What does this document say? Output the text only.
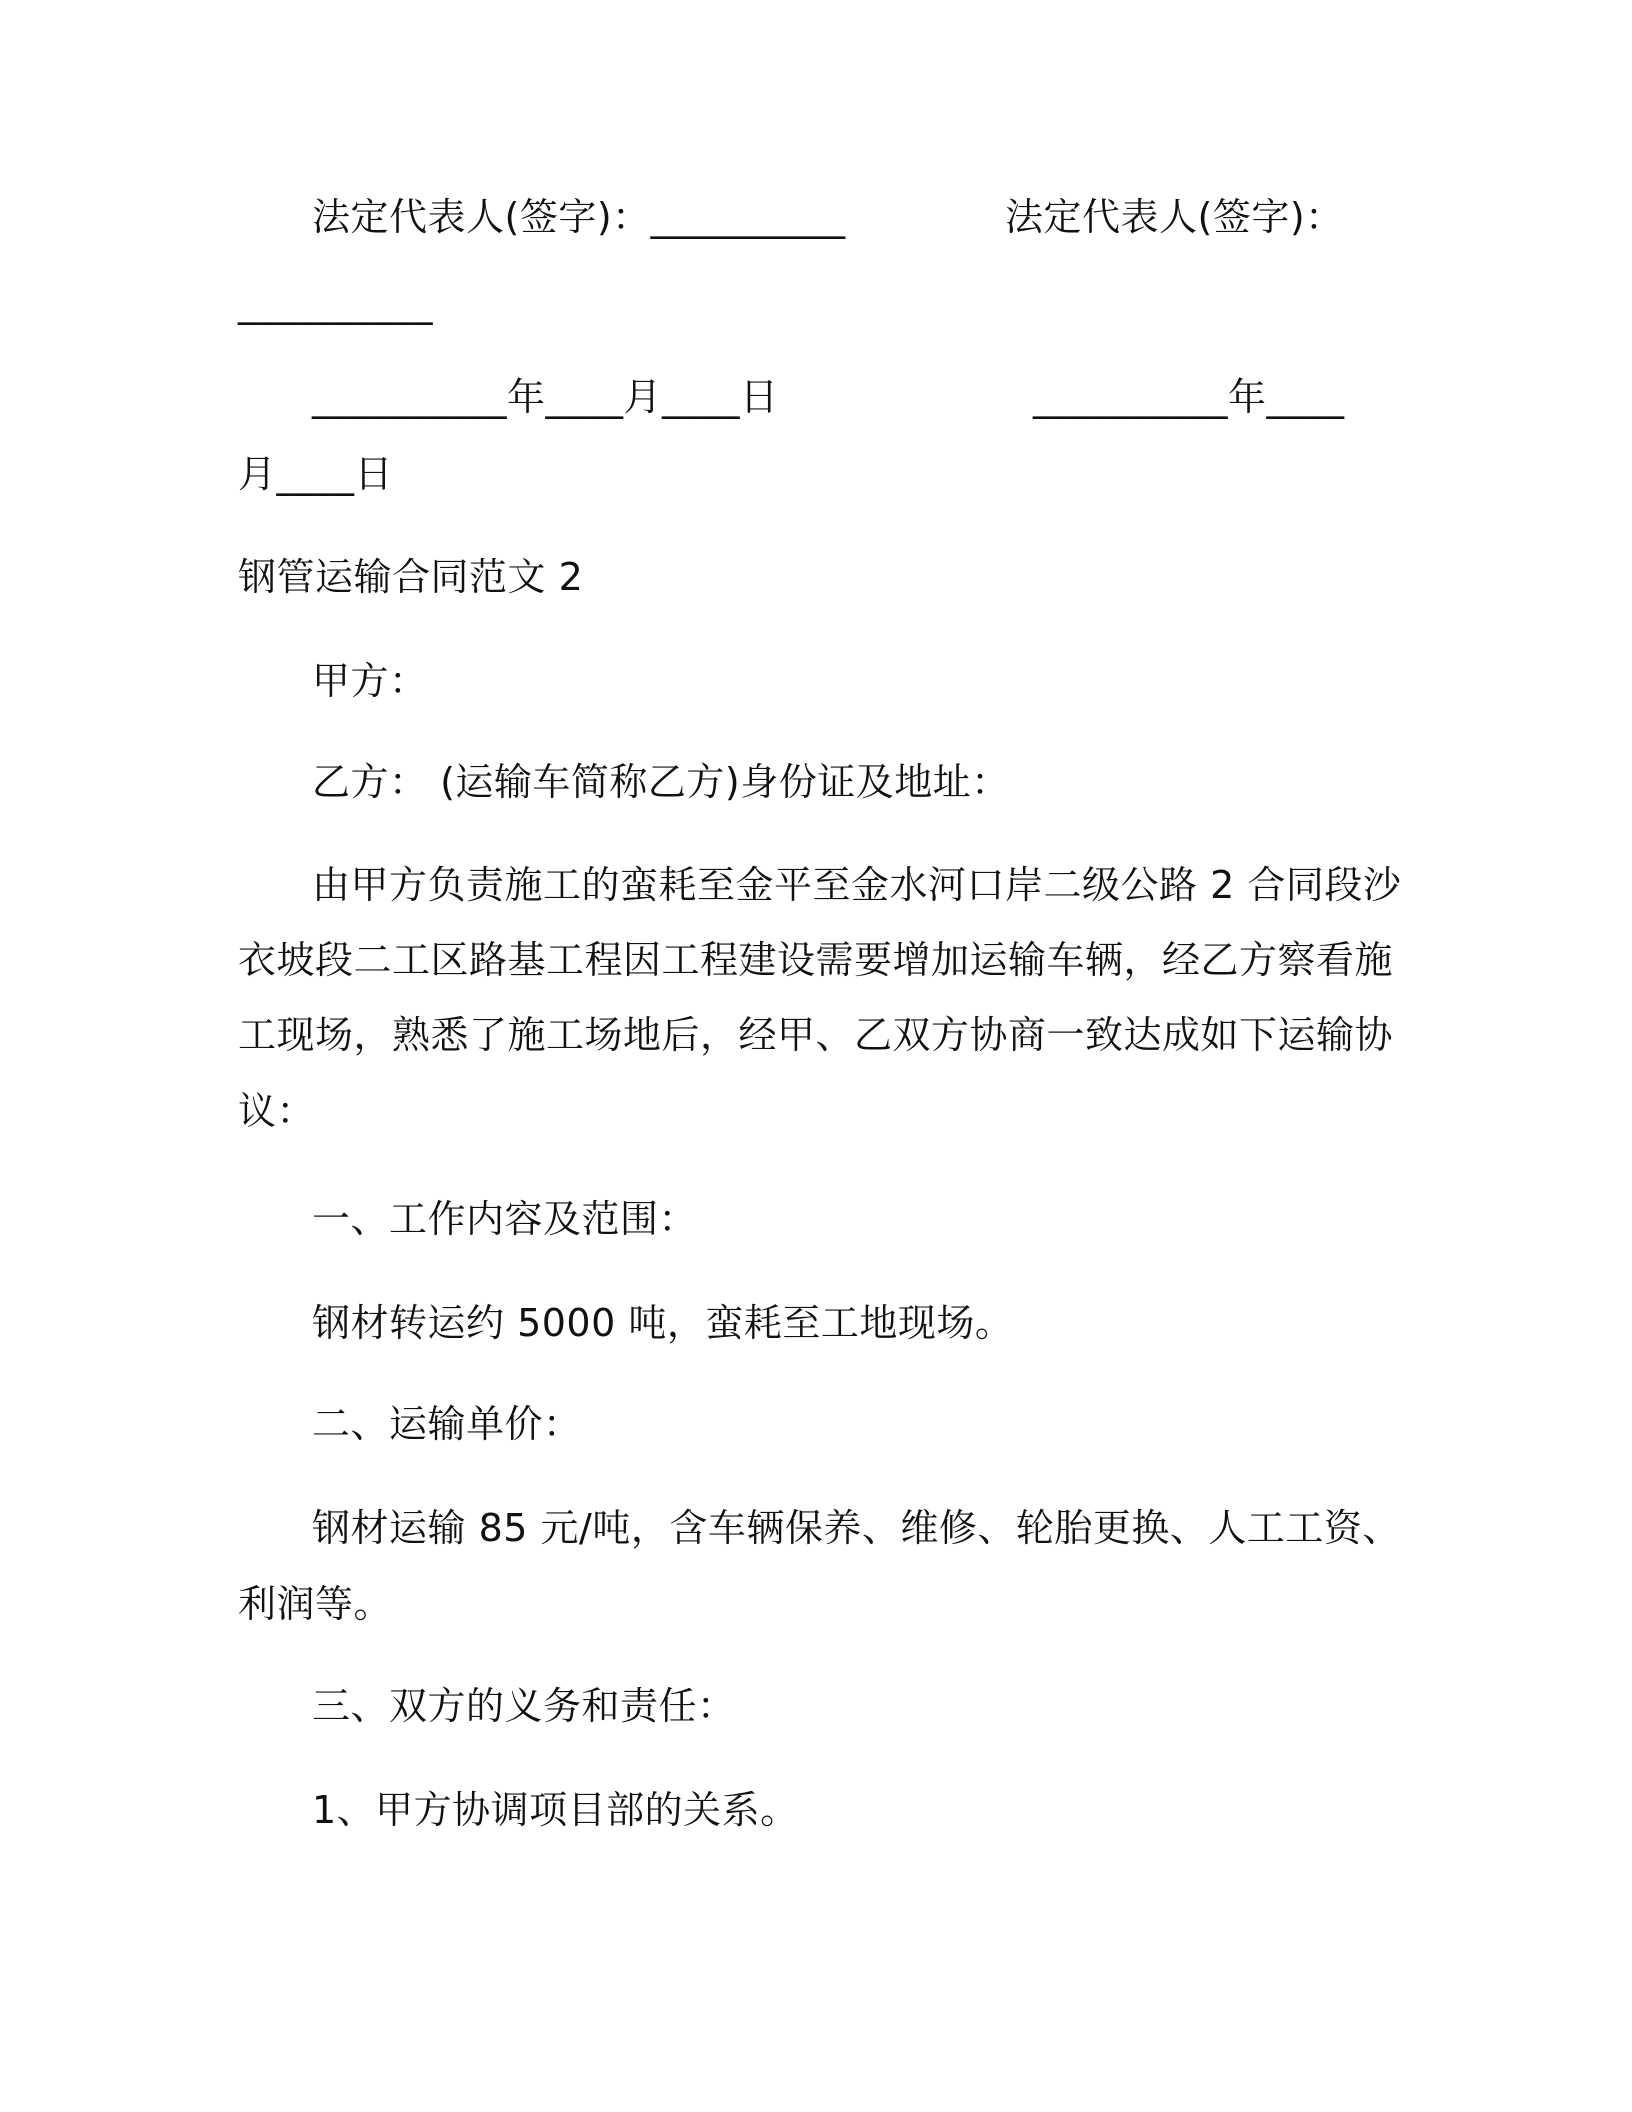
法定代表人(签字)：__________	法定代表人(签字)：
__________
__________年____月____日	__________年____
月____日
钢管运输合同范文 2
甲方：
乙方： (运输车简称乙方)身份证及地址：
由甲方负责施工的蛮耗至金平至金水河口岸二级公路 2 合同段沙
衣坡段二工区路基工程因工程建设需要增加运输车辆，经乙方察看施
工现场，熟悉了施工场地后，经甲、乙双方协商一致达成如下运输协
议：
一、工作内容及范围：
钢材转运约 5000 吨，蛮耗至工地现场。
二、运输单价：
钢材运输 85 元/吨，含车辆保养、维修、轮胎更换、人工工资、
利润等。
三、双方的义务和责任：
1、甲方协调项目部的关系。
